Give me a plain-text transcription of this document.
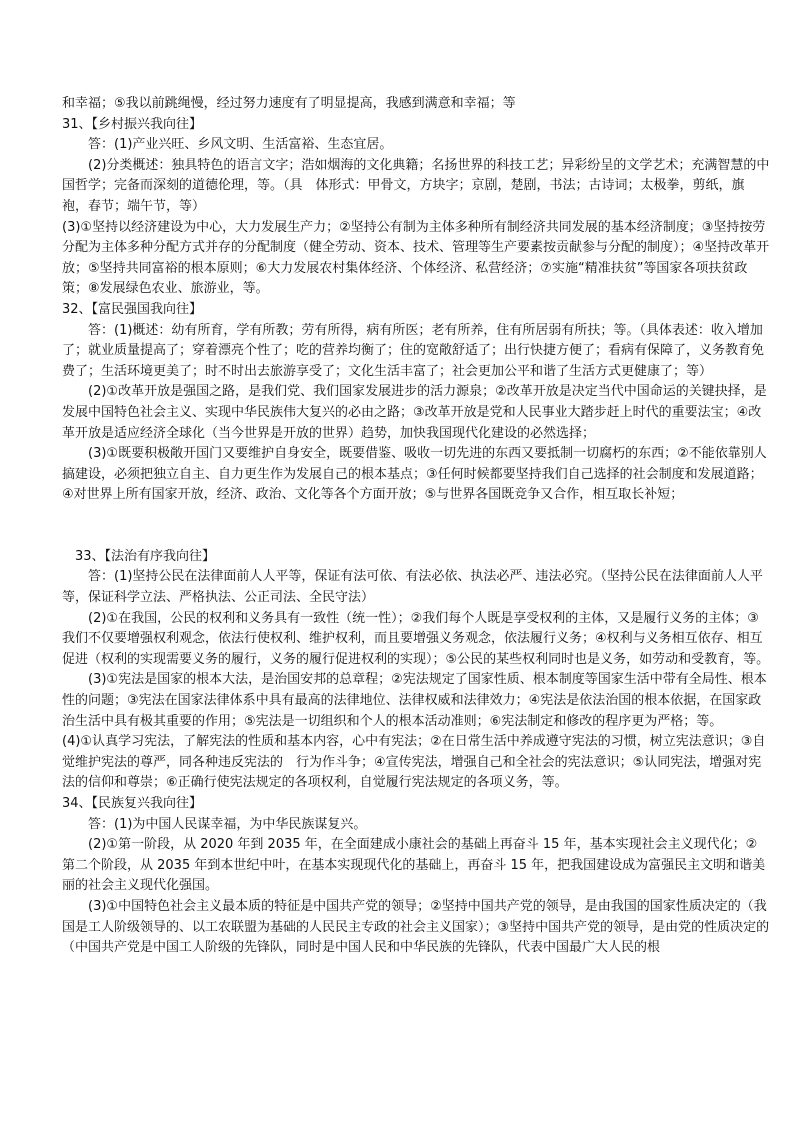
和幸福；⑤我以前跳绳慢，经过努力速度有了明显提高，我感到满意和幸福；等
31、【乡村振兴我向往】
答：(1)产业兴旺、乡风文明、生活富裕、生态宜居。
(2)分类概述：独具特色的语言文字；浩如烟海的文化典籍；名扬世界的科技工艺；异彩纷呈的文学艺术；充满智慧的中国哲学；完备而深刻的道德伦理，等。（具　体形式：甲骨文，方块字；京剧，楚剧，书法；古诗词；太极拳，剪纸，旗袍，春节；端午节，等）
(3)①坚持以经济建设为中心，大力发展生产力；②坚持公有制为主体多种所有制经济共同发展的基本经济制度；③坚持按劳分配为主体多种分配方式并存的分配制度（健全劳动、资本、技术、管理等生产要素按贡献参与分配的制度）；④坚持改革开放；⑤坚持共同富裕的根本原则；⑥大力发展农村集体经济、个体经济、私营经济；⑦实施“精准扶贫”等国家各项扶贫政策；⑧发展绿色农业、旅游业，等。
32、【富民强国我向往】
答：(1)概述：幼有所育，学有所教；劳有所得，病有所医；老有所养，住有所居弱有所扶；等。（具体表述：收入增加了；就业质量提高了；穿着漂亮个性了；吃的营养均衡了；住的宽敞舒适了；出行快捷方便了；看病有保障了，义务教育免费了；生活环境更美了；时不时出去旅游享受了；文化生活丰富了；社会更加公平和谐了生活方式更健康了；等）
(2)①改革开放是强国之路，是我们党、我们国家发展进步的活力源泉；②改革开放是决定当代中国命运的关键抉择，是发展中国特色社会主义、实现中华民族伟大复兴的必由之路；③改革开放是党和人民事业大踏步赶上时代的重要法宝；④改革开放是适应经济全球化（当今世界是开放的世界）趋势，加快我国现代化建设的必然选择；
(3)①既要积极敞开国门又要维护自身安全，既要借鉴、吸收一切先进的东西又要抵制一切腐朽的东西；②不能依靠别人搞建设，必须把独立自主、自力更生作为发展自己的根本基点；③任何时候都要坚持我们自己选择的社会制度和发展道路；④对世界上所有国家开放，经济、政治、文化等各个方面开放；⑤与世界各国既竞争又合作，相互取长补短；
33、【法治有序我向往】
答：(1)坚持公民在法律面前人人平等，保证有法可依、有法必依、执法必严、违法必究。（坚持公民在法律面前人人平等，保证科学立法、严格执法、公正司法、全民守法）
(2)①在我国，公民的权利和义务具有一致性（统一性）；②我们每个人既是享受权利的主体，又是履行义务的主体；③我们不仅要增强权利观念，依法行使权利、维护权利，而且要增强义务观念，依法履行义务；④权利与义务相互依存、相互促进（权利的实现需要义务的履行，义务的履行促进权利的实现）；⑤公民的某些权利同时也是义务，如劳动和受教育，等。
(3)①宪法是国家的根本大法，是治国安邦的总章程；②宪法规定了国家性质、根本制度等国家生活中带有全局性、根本性的问题；③宪法在国家法律体系中具有最高的法律地位、法律权威和法律效力；④宪法是依法治国的根本依据，在国家政治生活中具有极其重要的作用；⑤宪法是一切组织和个人的根本活动准则；⑥宪法制定和修改的程序更为严格；等。
(4)①认真学习宪法，了解宪法的性质和基本内容，心中有宪法；②在日常生活中养成遵守宪法的习惯，树立宪法意识；③自觉维护宪法的尊严，同各种违反宪法的　行为作斗争；④宣传宪法，增强自己和全社会的宪法意识；⑤认同宪法，增强对宪法的信仰和尊崇；⑥正确行使宪法规定的各项权利，自觉履行宪法规定的各项义务，等。
34、【民族复兴我向往】
答：(1)为中国人民谋幸福，为中华民族谋复兴。
(2)①第一阶段，从 2020 年到 2035 年，在全面建成小康社会的基础上再奋斗 15 年，基本实现社会主义现代化；②第二个阶段，从 2035 年到本世纪中叶，在基本实现现代化的基础上，再奋斗 15 年，把我国建设成为富强民主文明和谐美丽的社会主义现代化强国。
(3)①中国特色社会主义最本质的特征是中国共产党的领导；②坚持中国共产党的领导，是由我国的国家性质决定的（我国是工人阶级领导的、以工农联盟为基础的人民民主专政的社会主义国家）；③坚持中国共产党的领导，是由党的性质决定的（中国共产党是中国工人阶级的先锋队，同时是中国人民和中华民族的先锋队，代表中国最广大人民的根
